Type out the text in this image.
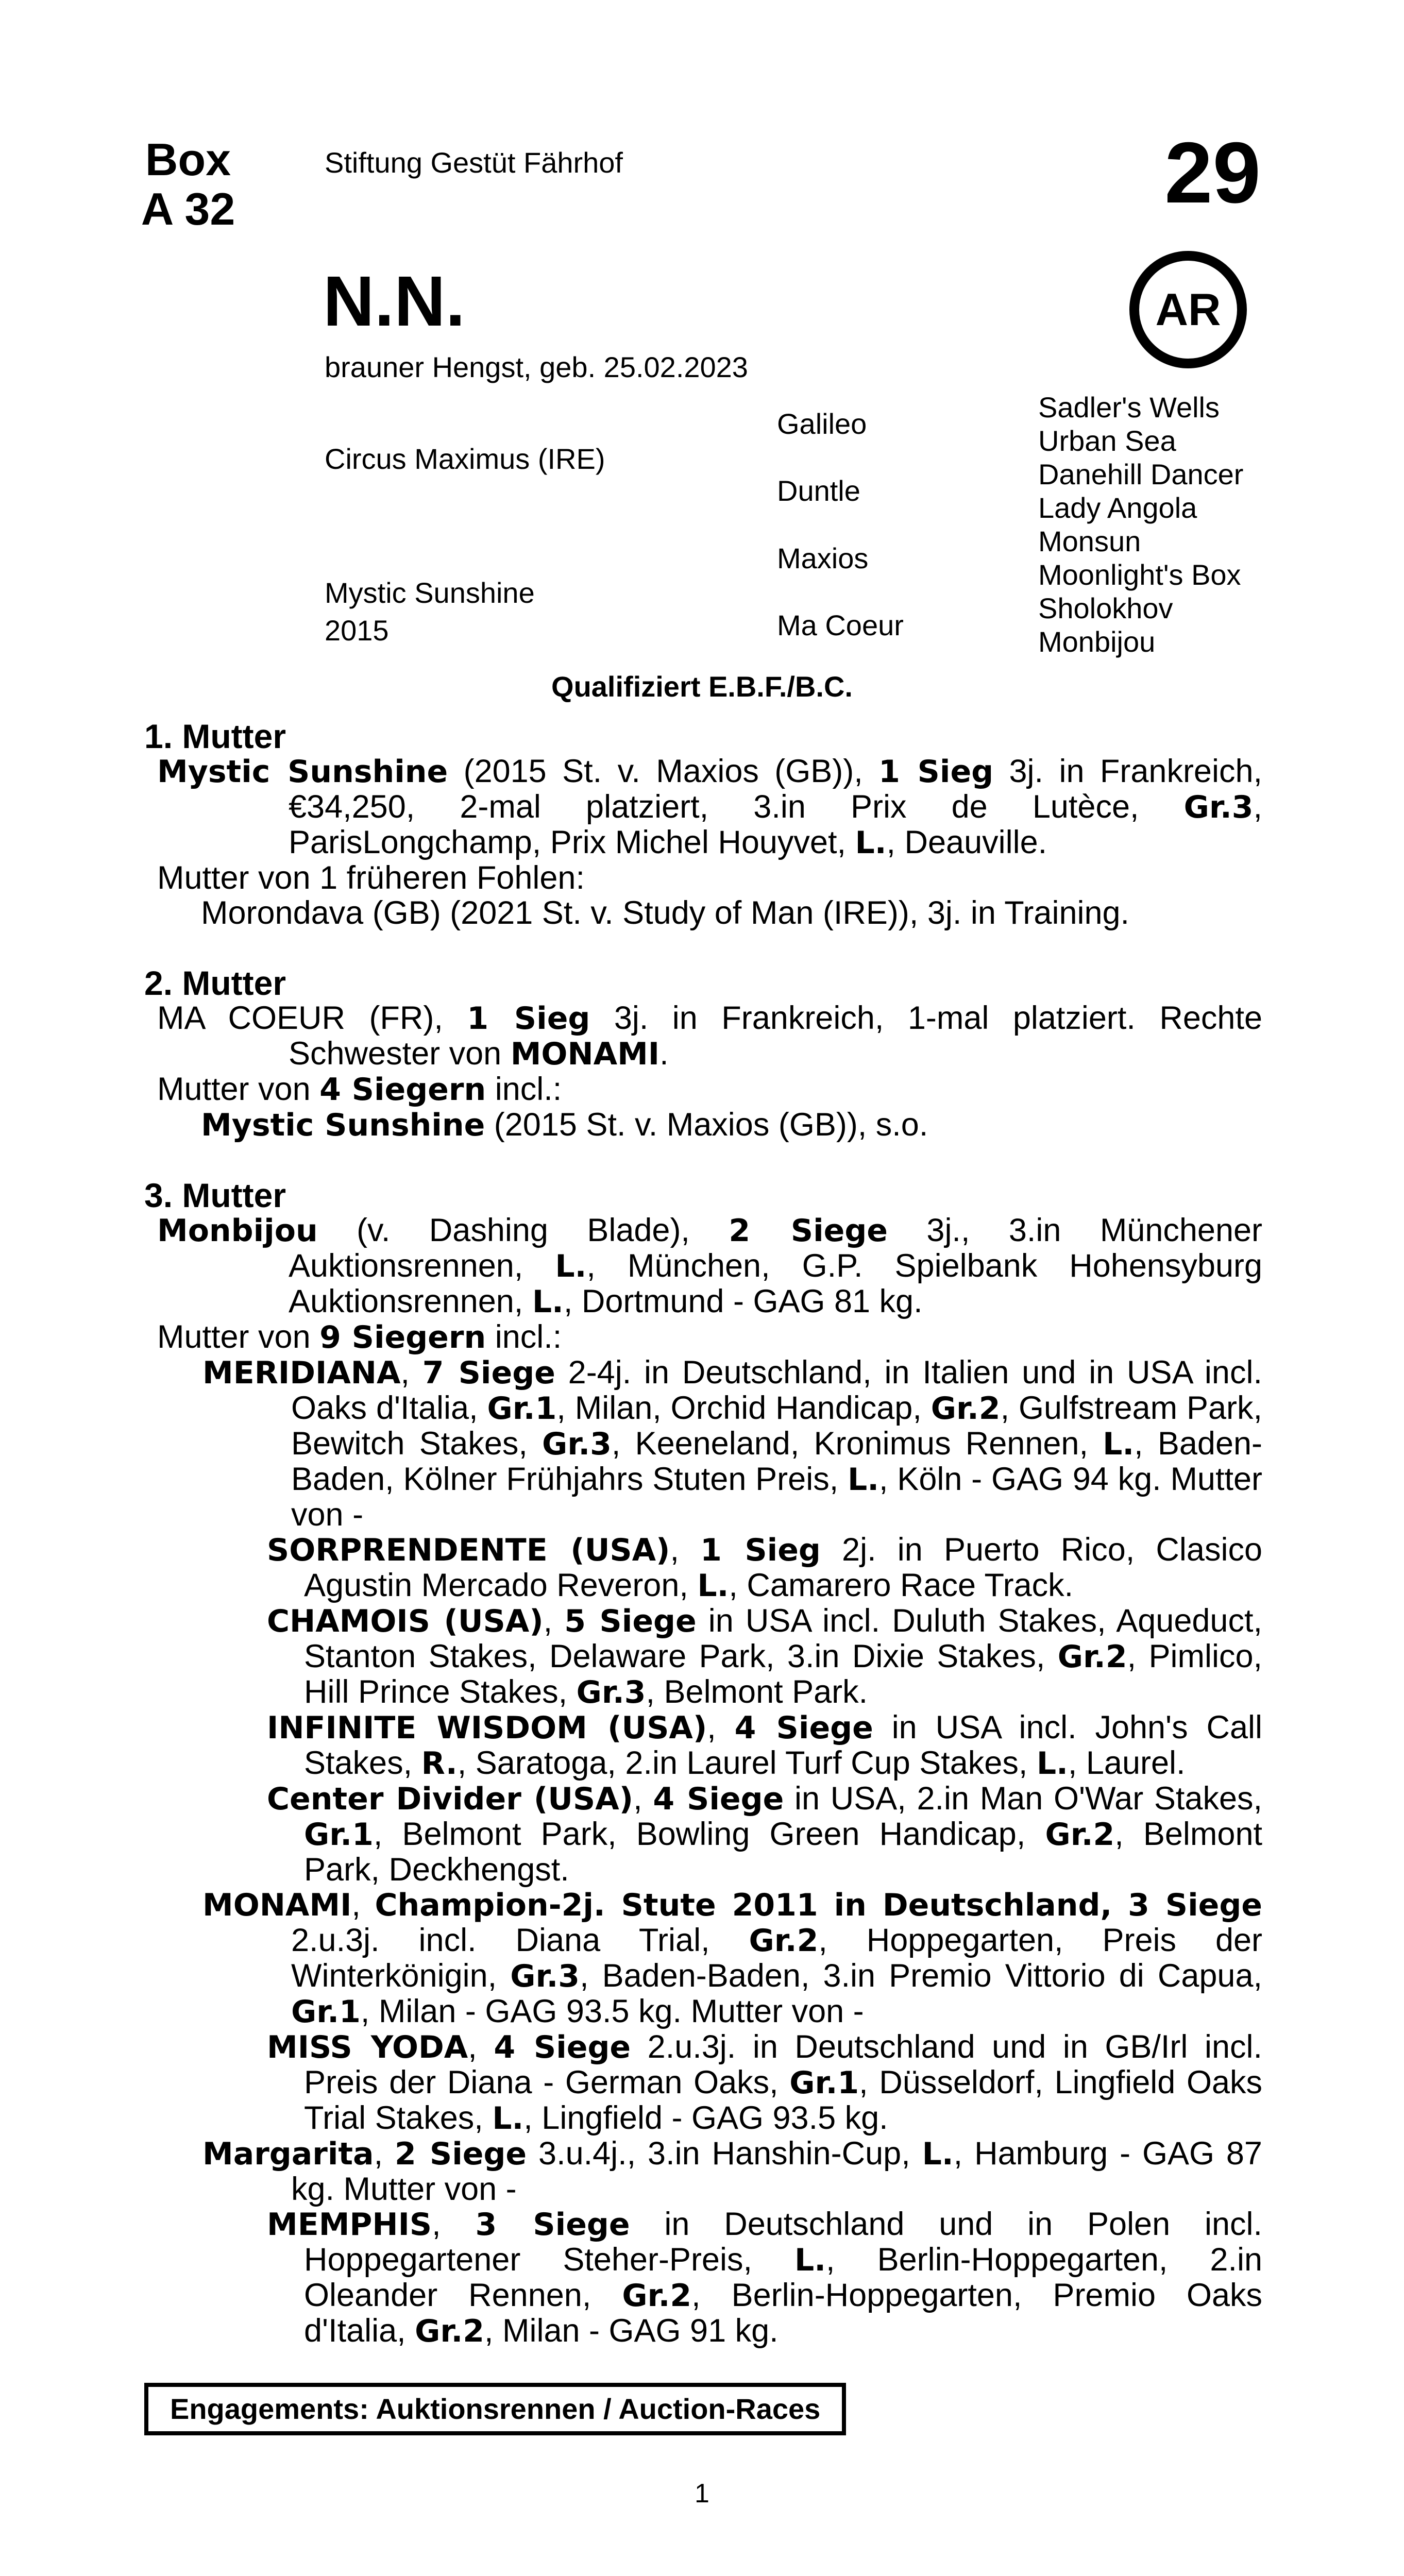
Box
A 32
Stiftung Gestüt Fährhof	29
AR
N.N.
brauner Hengst, geb. 25.02.2023
Circus Maximus (IRE)
Mystic Sunshine
2015
Galileo
Duntle
Maxios
Ma Coeur
Sadler's Wells
Urban Sea
Danehill Dancer
Lady Angola
Monsun
Moonlight's Box
Sholokhov
Monbijou
Qualifiziert E.B.F./B.C.
1. Mutter

Mystic Sunshine (2015 St. v. Maxios (GB)), 1 Sieg 3j. in Frankreich, €34,250, 2-mal platziert, 3.in Prix de Lutèce, Gr.3, ParisLongchamp, Prix Michel Houyvet, L., Deauville.

Mutter von 1 früheren Fohlen:

Morondava (GB) (2021 St. v. Study of Man (IRE)), 3j. in Training.

2. Mutter

MA COEUR (FR), 1 Sieg 3j. in Frankreich, 1-mal platziert. Rechte Schwester von MONAMI.

Mutter von 4 Siegern incl.:

Mystic Sunshine (2015 St. v. Maxios (GB)), s.o.

3. Mutter

Monbijou (v. Dashing Blade), 2 Siege 3j., 3.in Münchener Auktionsrennen, L., München, G.P. Spielbank Hohensyburg Auktionsrennen, L., Dortmund - GAG 81 kg.

Mutter von 9 Siegern incl.:

MERIDIANA, 7 Siege 2-4j. in Deutschland, in Italien und in USA incl. Oaks d'Italia, Gr.1, Milan, Orchid Handicap, Gr.2, Gulfstream Park, Bewitch Stakes, Gr.3, Keeneland, Kronimus Rennen, L., Baden-Baden, Kölner Frühjahrs Stuten Preis, L., Köln - GAG 94 kg. Mutter von -

SORPRENDENTE (USA), 1 Sieg 2j. in Puerto Rico, Clasico Agustin Mercado Reveron, L., Camarero Race Track.

CHAMOIS (USA), 5 Siege in USA incl. Duluth Stakes, Aqueduct, Stanton Stakes, Delaware Park, 3.in Dixie Stakes, Gr.2, Pimlico, Hill Prince Stakes, Gr.3, Belmont Park.

INFINITE WISDOM (USA), 4 Siege in USA incl. John's Call Stakes, R., Saratoga, 2.in Laurel Turf Cup Stakes, L., Laurel.

Center Divider (USA), 4 Siege in USA, 2.in Man O'War Stakes, Gr.1, Belmont Park, Bowling Green Handicap, Gr.2, Belmont Park, Deckhengst.

MONAMI, Champion-2j. Stute 2011 in Deutschland, 3 Siege 2.u.3j. incl. Diana Trial, Gr.2, Hoppegarten, Preis der Winterkönigin, Gr.3, Baden-Baden, 3.in Premio Vittorio di Capua, Gr.1, Milan - GAG 93.5 kg. Mutter von -

MISS YODA, 4 Siege 2.u.3j. in Deutschland und in GB/Irl incl. Preis der Diana - German Oaks, Gr.1, Düsseldorf, Lingfield Oaks Trial Stakes, L., Lingfield - GAG 93.5 kg.

Margarita, 2 Siege 3.u.4j., 3.in Hanshin-Cup, L., Hamburg - GAG 87 kg. Mutter von -

MEMPHIS, 3 Siege in Deutschland und in Polen incl. Hoppegartener Steher-Preis, L., Berlin-Hoppegarten, 2.in Oleander Rennen, Gr.2, Berlin-Hoppegarten, Premio Oaks d'Italia, Gr.2, Milan - GAG 91 kg.

Engagements: Auktionsrennen / Auction-Races
1
